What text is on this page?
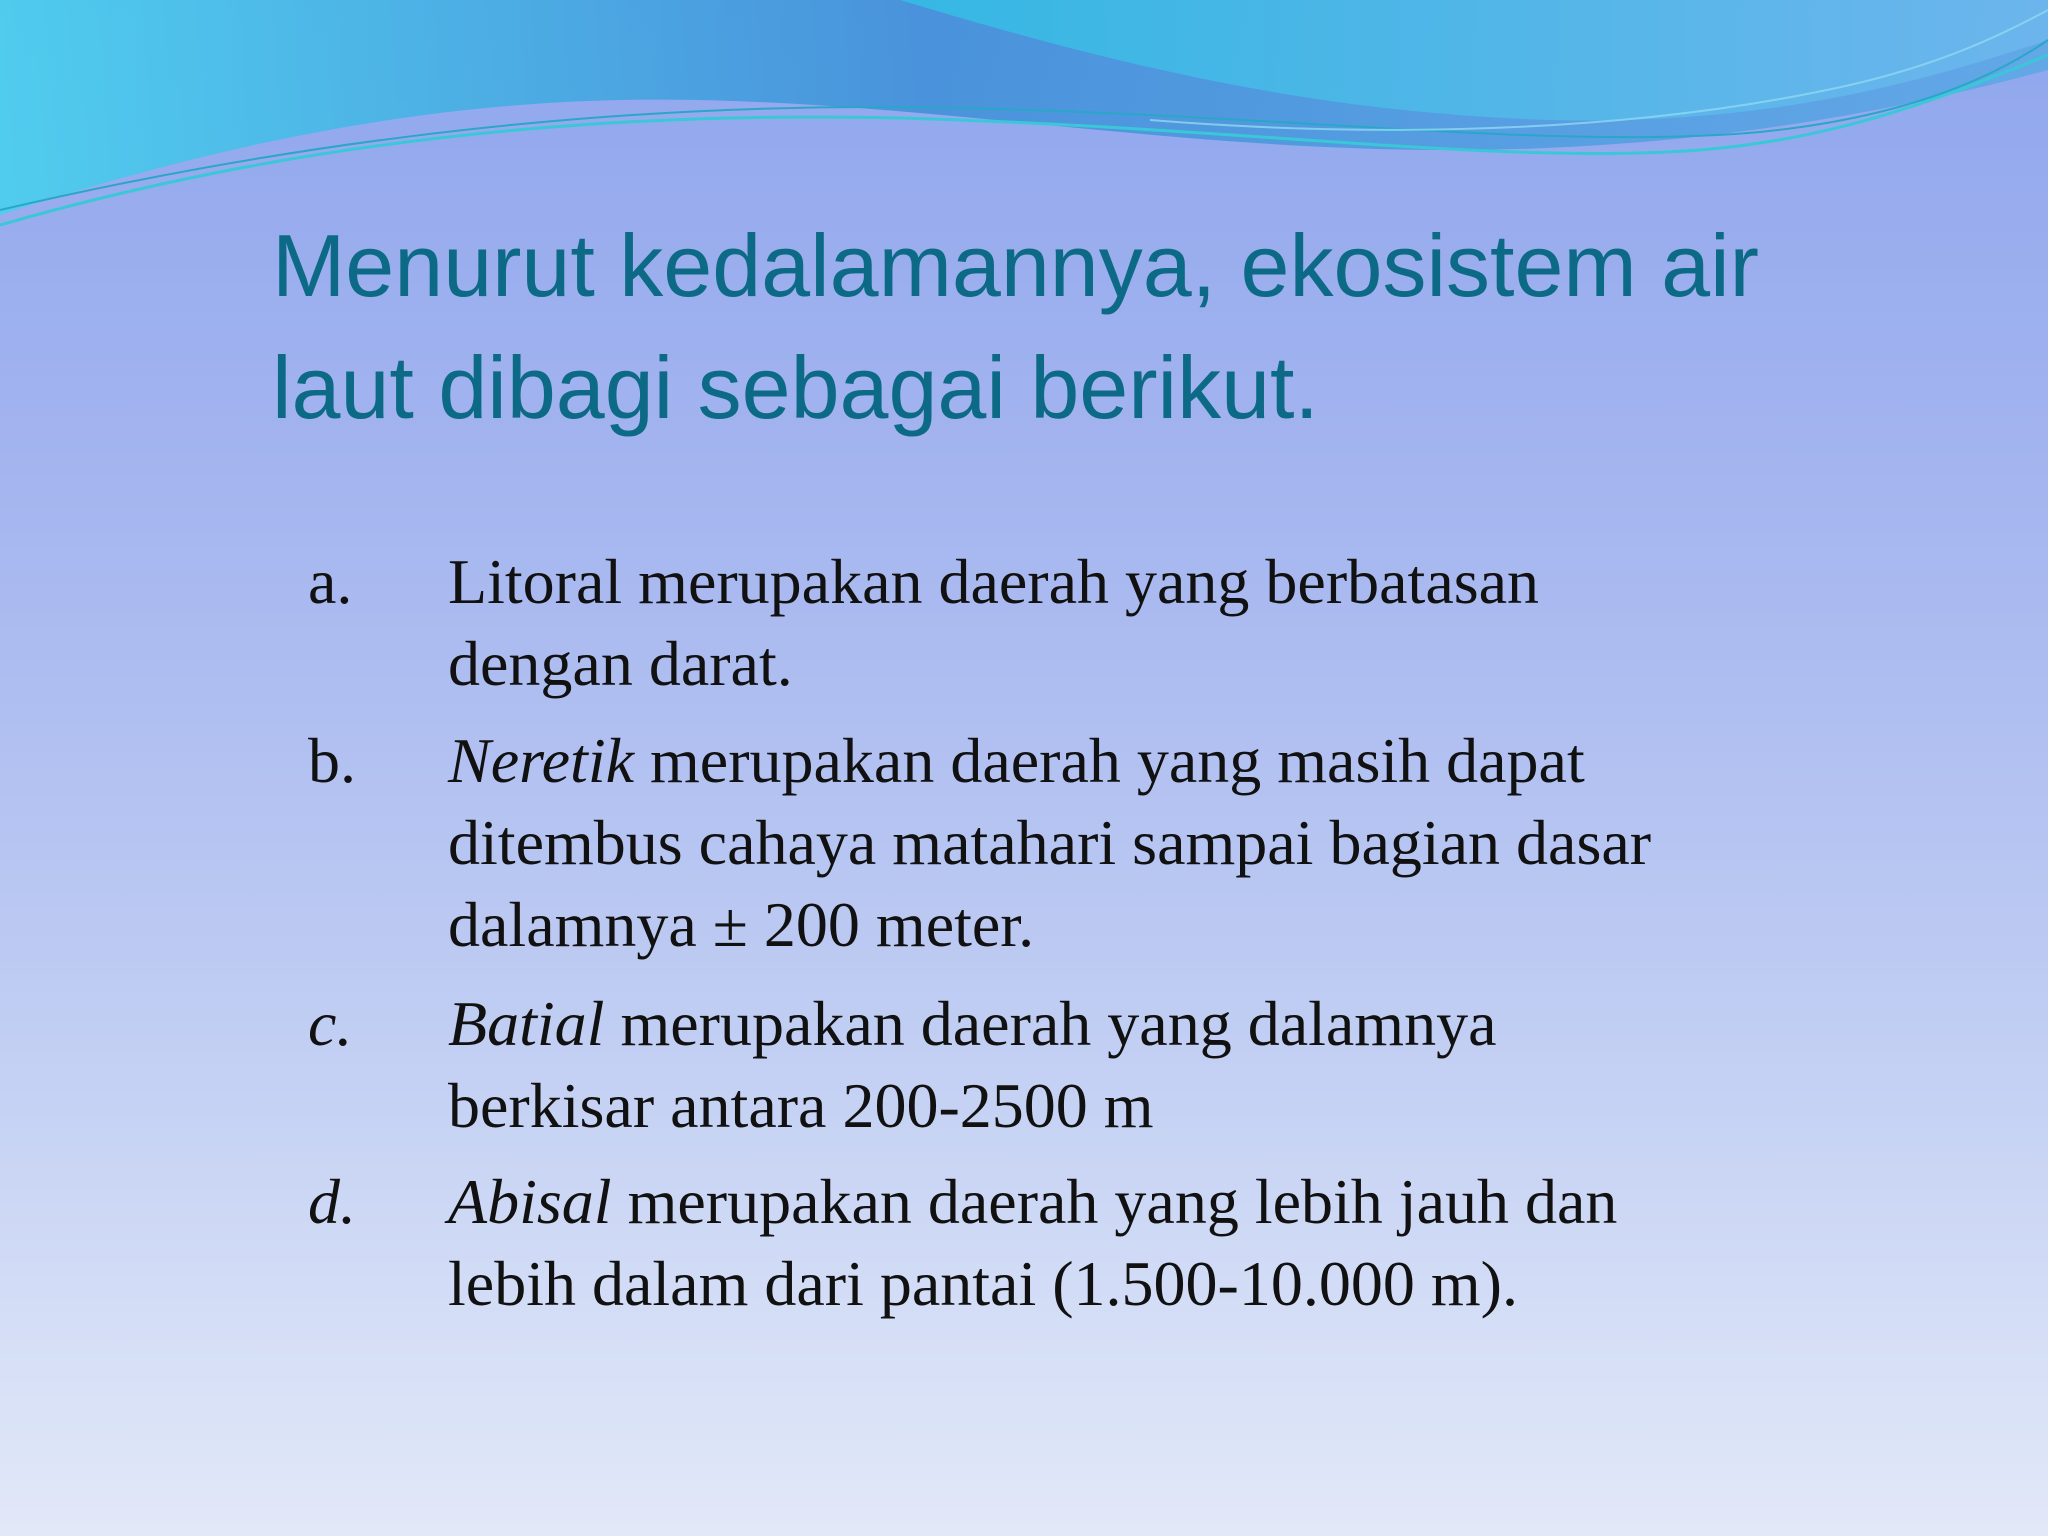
Menurut kedalamannya, ekosistem air
laut dibagi sebagai berikut.
a. Litoral merupakan daerah yang berbatasan
dengan darat.
b. Neretik merupakan daerah yang masih dapat
ditembus cahaya matahari sampai bagian dasar
dalamnya ± 200 meter.
c. Batial merupakan daerah yang dalamnya
berkisar antara 200-2500 m
d. Abisal merupakan daerah yang lebih jauh dan
lebih dalam dari pantai (1.500-10.000 m).
